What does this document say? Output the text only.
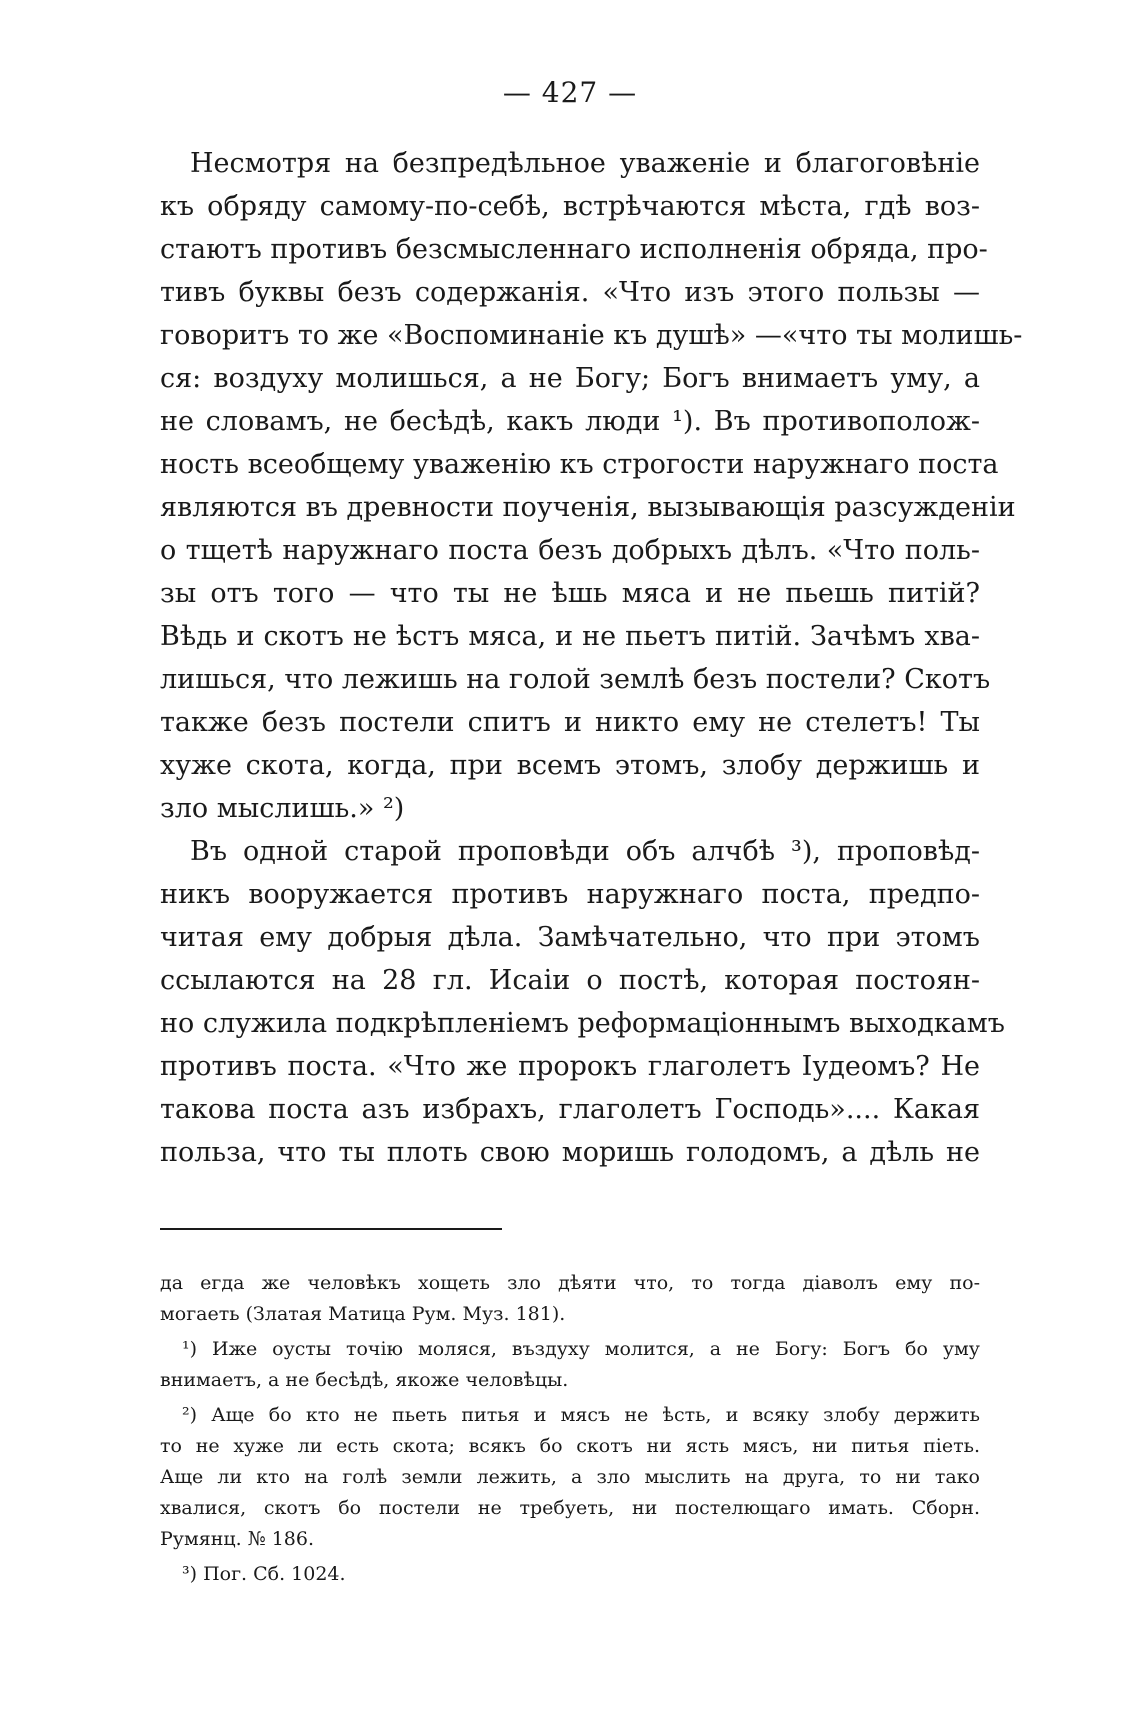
— 427 —
Несмотря на безпредѣльное уваженіе и благоговѣніе
къ обряду самому-по-себѣ, встрѣчаются мѣста, гдѣ воз-
стаютъ противъ безсмысленнаго исполненія обряда, про-
тивъ буквы безъ содержанія. «Что изъ этого пользы —
говоритъ то же «Воспоминаніе къ душѣ» —«что ты молишь-
ся: воздуху молишься, а не Богу; Богъ внимаетъ уму, а
не словамъ, не бесѣдѣ, какъ люди ¹). Въ противополож-
ность всеобщему уваженію къ строгости наружнаго поста
являются въ древности поученія, вызывающія разсужденіи
о тщетѣ наружнаго поста безъ добрыхъ дѣлъ. «Что поль-
зы отъ того — что ты не ѣшь мяса и не пьешь питій?
Вѣдь и скотъ не ѣстъ мяса, и не пьетъ питій. Зачѣмъ хва-
лишься, что лежишь на голой землѣ безъ постели? Скотъ
также безъ постели спитъ и никто ему не стелетъ! Ты
хуже скота, когда, при всемъ этомъ, злобу держишь и
зло мыслишь.» ²)
Въ одной старой проповѣди объ алчбѣ ³), проповѣд-
никъ вооружается противъ наружнаго поста, предпо-
читая ему добрыя дѣла. Замѣчательно, что при этомъ
ссылаются на 28 гл. Исаіи о постѣ, которая постоян-
но служила подкрѣпленіемъ реформаціоннымъ выходкамъ
противъ поста. «Что же пророкъ глаголетъ Іудеомъ? Не
такова поста азъ избрахъ, глаголетъ Господь».... Какая
польза, что ты плоть свою моришь голодомъ, а дѣль не
да егда же человѣкъ хощеть зло дѣяти что, то тогда діаволъ ему по-
могаеть (Златая Матица Рум. Муз. 181).
¹) Иже оусты точію моляся, въздуху молится, а не Богу: Богъ бо уму
внимаетъ, а не бесѣдѣ, якоже человѣцы.
²) Аще бо кто не пьеть питья и мясъ не ѣсть, и всяку злобу держить
то не хуже ли есть скота; всякъ бо скотъ ни ясть мясъ, ни питья піеть.
Аще ли кто на голѣ земли лежить, а зло мыслить на друга, то ни тако
хвалися, скотъ бо постели не требуеть, ни постелющаго имать. Сборн.
Румянц. № 186.
³) Пог. Сб. 1024.
